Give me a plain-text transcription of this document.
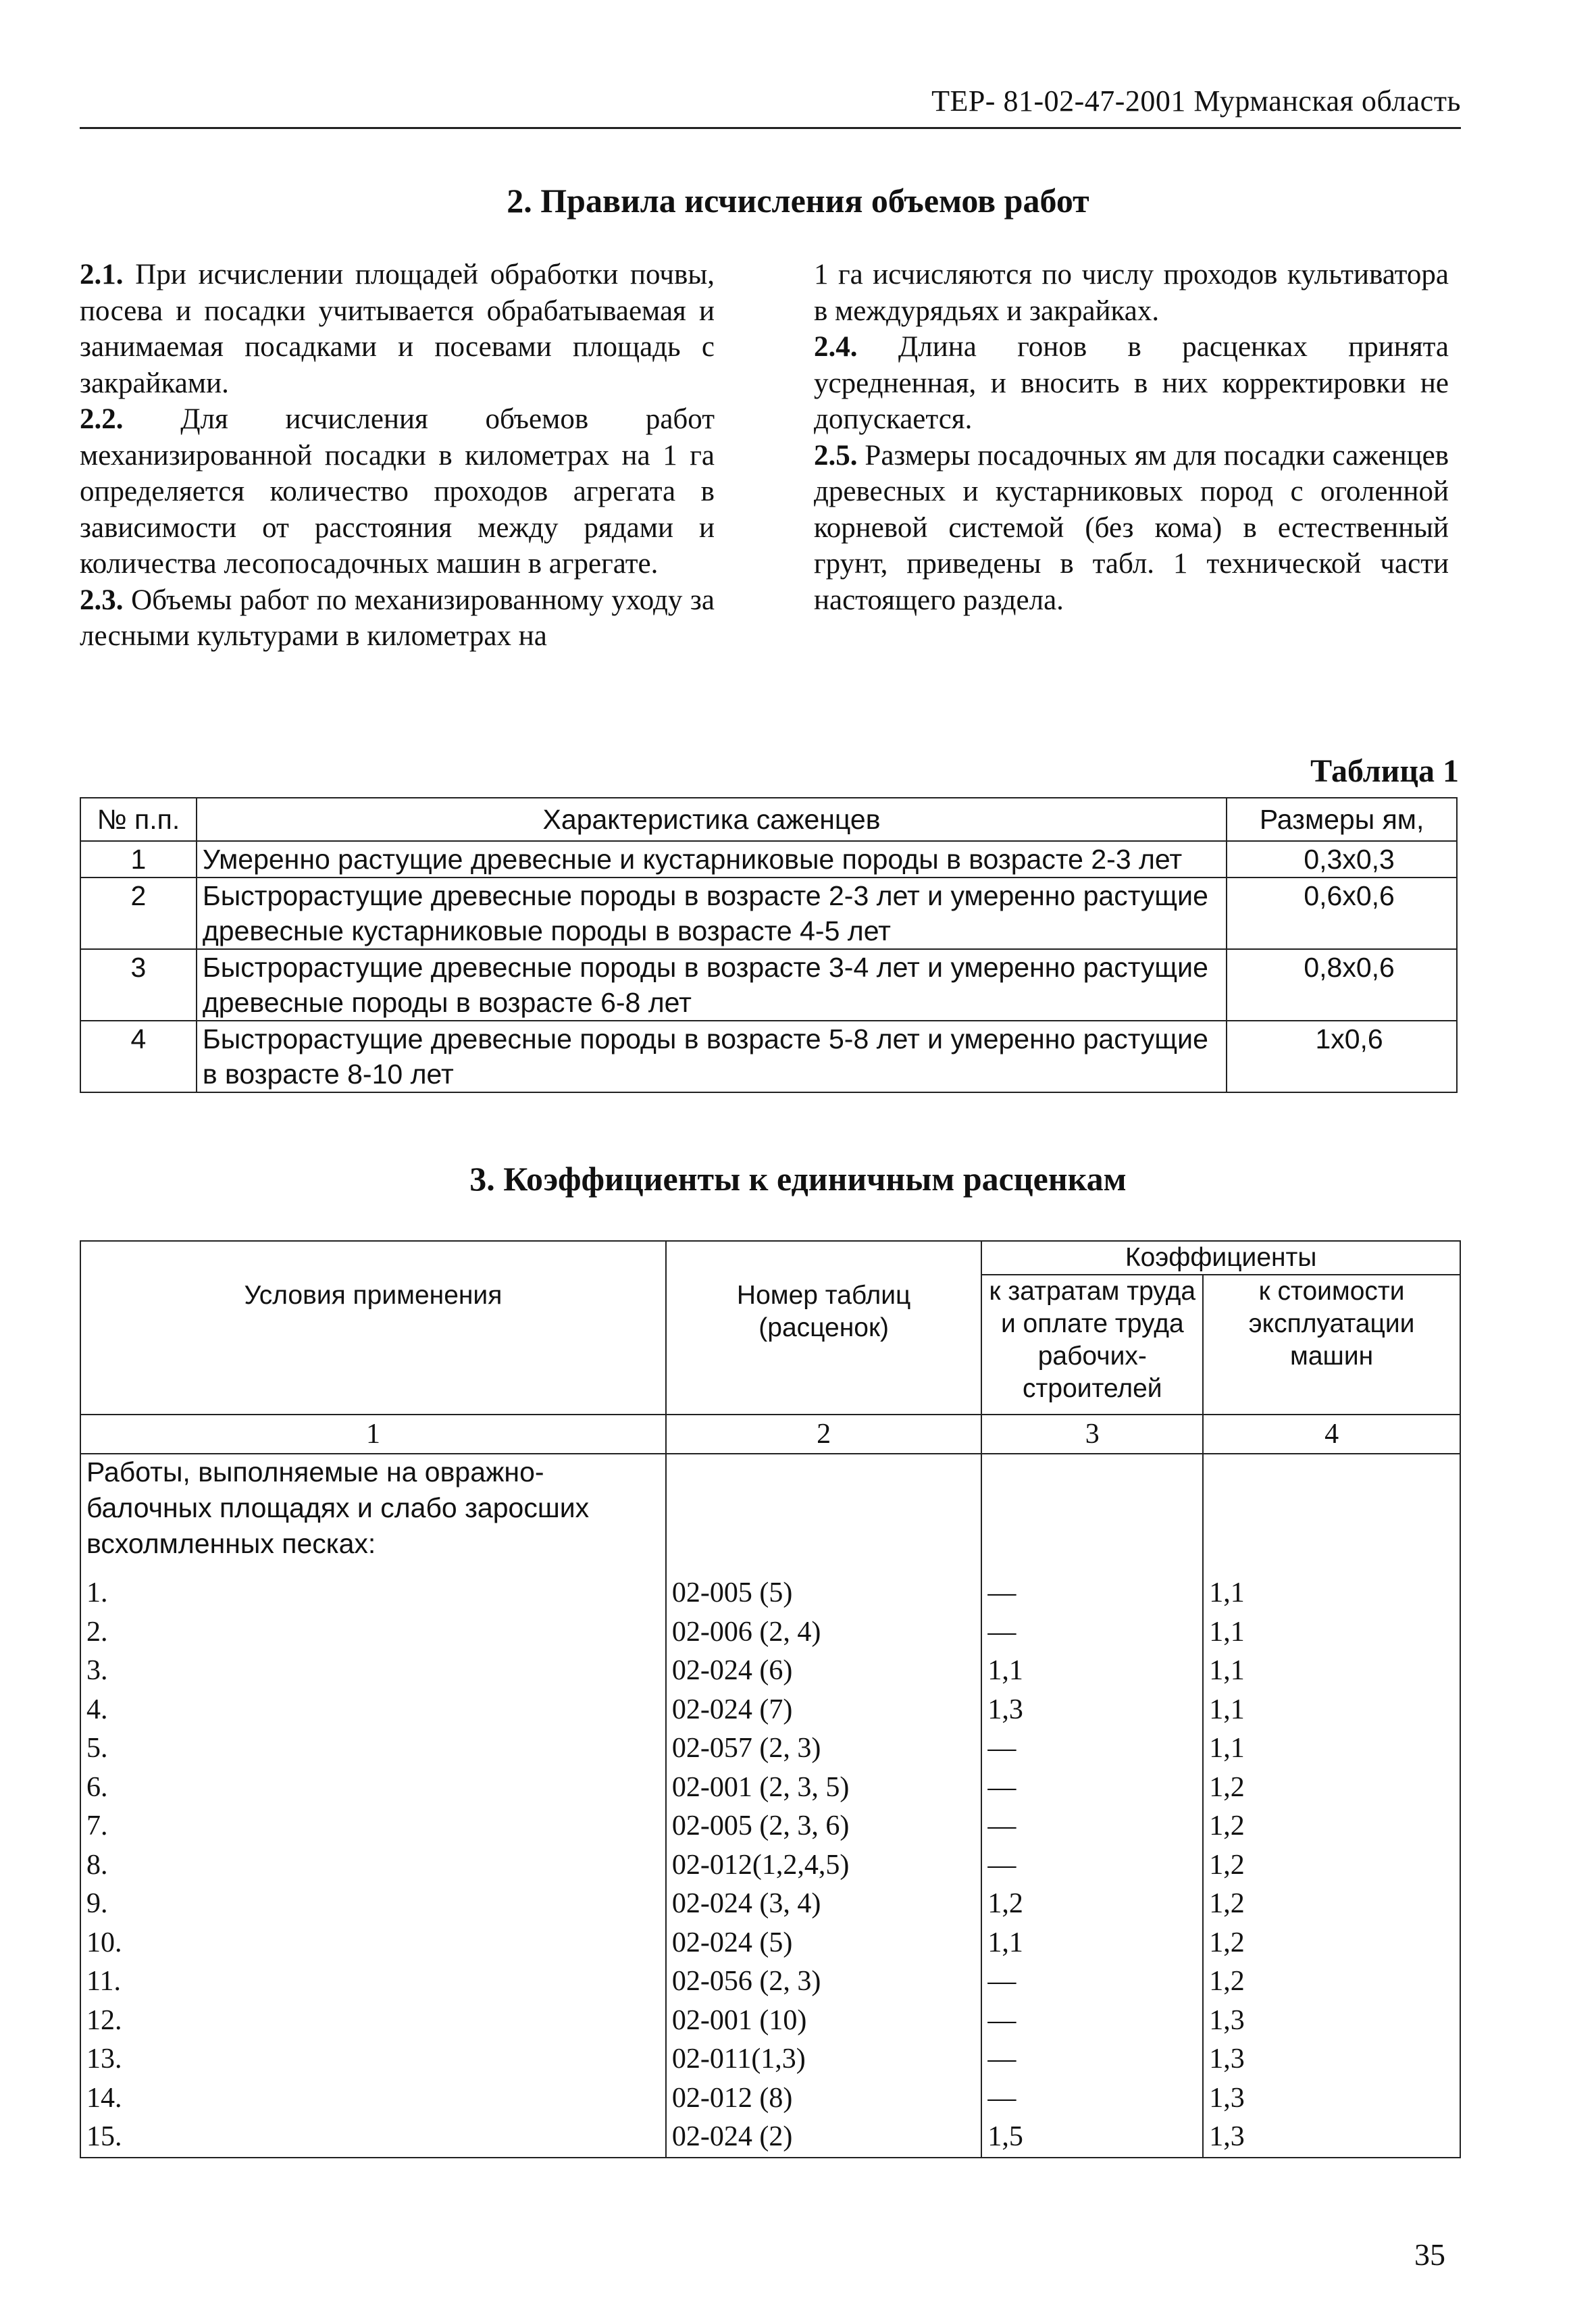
ТЕР- 81-02-47-2001 Мурманская область
2. Правила исчисления объемов работ

2.1. При исчислении площадей обработки почвы, посева и посадки учитывается обрабатываемая и занимаемая посадками и посевами площадь с закрайками.

2.2. Для исчисления объемов работ механизированной посадки в километрах на 1 га определяется количество проходов агрегата в зависимости от расстояния между рядами и количества лесопосадочных машин в агрегате.

2.3. Объемы работ по механизированному уходу за лесными культурами в километрах на

1 га исчисляются по числу проходов культиватора в междурядьях и закрайках.

2.4. Длина гонов в расценках принята усредненная, и вносить в них корректировки не допускается.

2.5. Размеры посадочных ям для посадки саженцев древесных и кустарниковых пород с оголенной корневой системой (без кома) в естественный грунт, приведены в табл. 1 технической части настоящего раздела.

Таблица 1
№ п.п.	Характеристика саженцев	Размеры ям,
1	Умеренно растущие древесные и кустарниковые породы в возрасте 2-3 лет	0,3х0,3
2	Быстрорастущие древесные породы в возрасте 2-3 лет и умеренно растущие древесные кустарниковые породы в возрасте 4-5 лет	0,6х0,6
3	Быстрорастущие древесные породы в возрасте 3-4 лет и умеренно растущие древесные породы в возрасте 6-8 лет	0,8х0,6
4	Быстрорастущие древесные породы в возрасте 5-8 лет и умеренно растущие в возрасте 8-10 лет	1х0,6
3. Коэффициенты к единичным расценкам
Условия применения	Номер таблиц (расценок)	Коэффициенты	
		к затратам труда и оплате труда рабочих-строителей	к стоимости эксплуатации машин
1	2	3	4
Работы, выполняемые на овражно-балочных площадях и слабо заросших всхолмленных песках:			
1.	02-005 (5)	—	1,1
2.	02-006 (2, 4)	—	1,1
3.	02-024 (6)	1,1	1,1
4.	02-024 (7)	1,3	1,1
5.	02-057 (2, 3)	—	1,1
6.	02-001 (2, 3, 5)	—	1,2
7.	02-005 (2, 3, 6)	—	1,2
8.	02-012(1,2,4,5)	—	1,2
9.	02-024 (3, 4)	1,2	1,2
10.	02-024 (5)	1,1	1,2
11.	02-056 (2, 3)	—	1,2
12.	02-001 (10)	—	1,3
13.	02-011(1,3)	—	1,3
14.	02-012 (8)	—	1,3
15.	02-024 (2)	1,5	1,3
35
